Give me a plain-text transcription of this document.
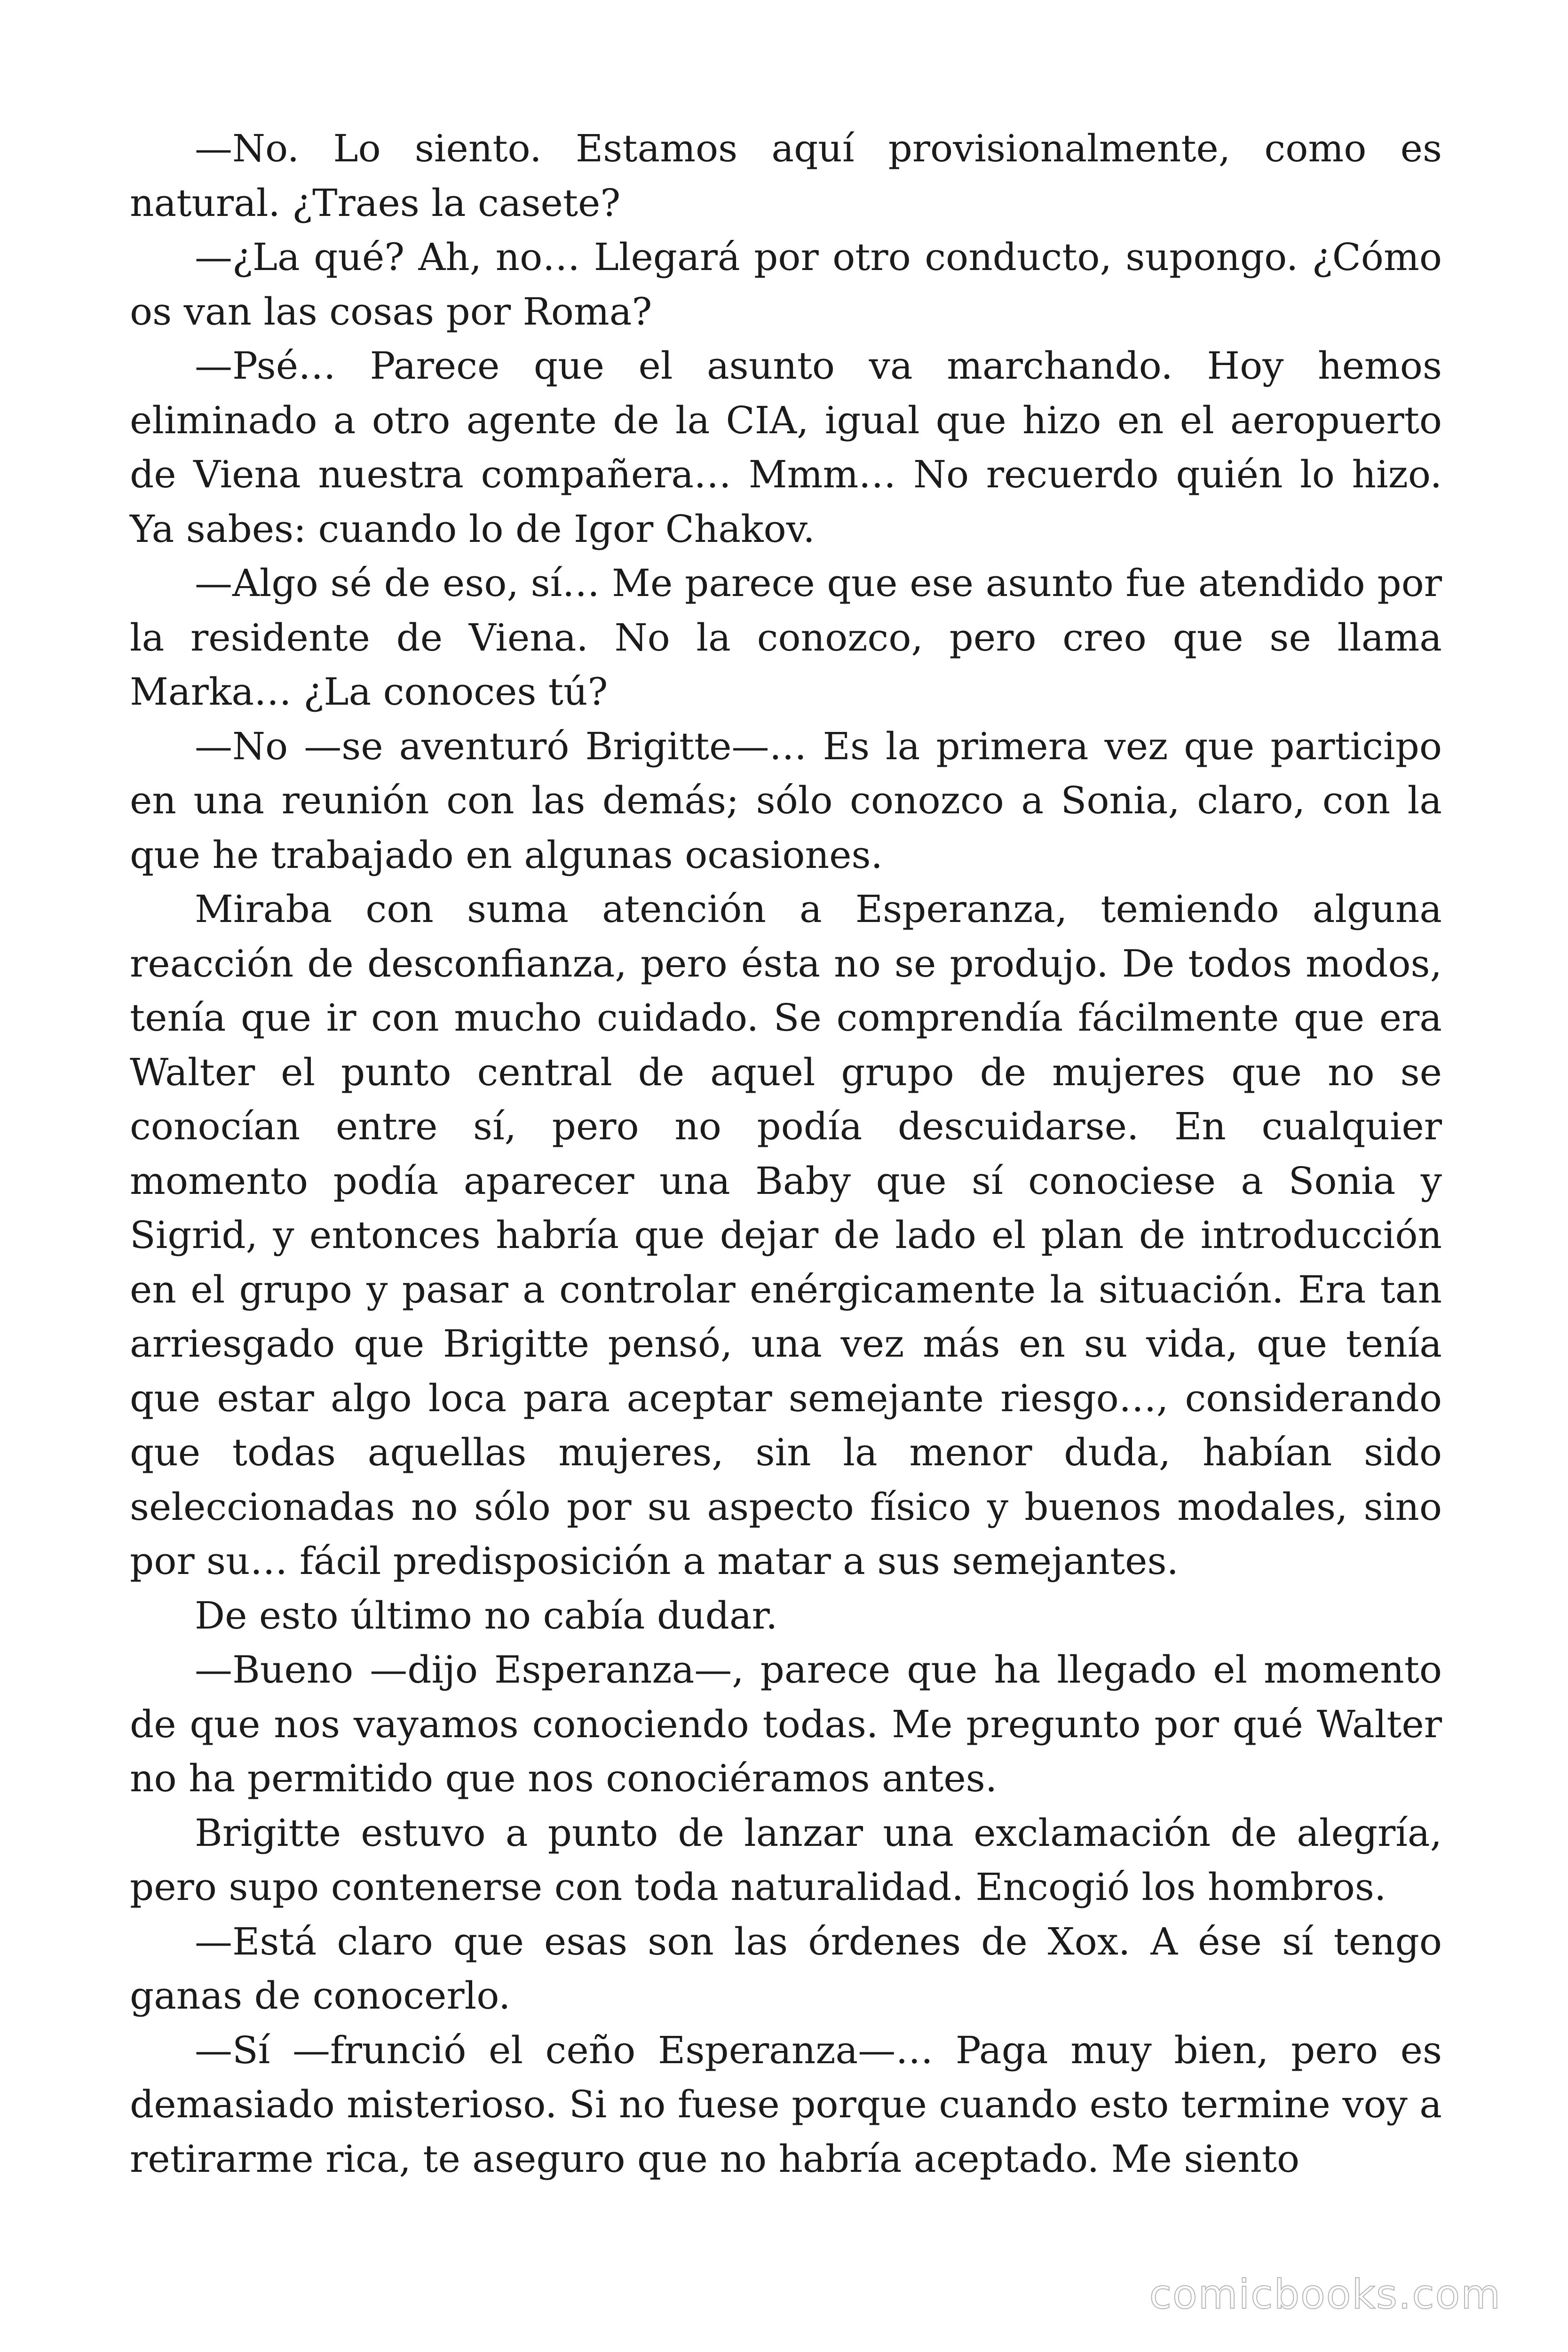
—No. Lo siento. Estamos aquí provisionalmente, como es natural. ¿Traes la casete?

—¿La qué? Ah, no… Llegará por otro conducto, supongo. ¿Cómo os van las cosas por Roma?

—Psé… Parece que el asunto va marchando. Hoy hemos eliminado a otro agente de la CIA, igual que hizo en el aeropuerto de Viena nuestra compañera… Mmm… No recuerdo quién lo hizo. Ya sabes: cuando lo de Igor Chakov.

—Algo sé de eso, sí… Me parece que ese asunto fue atendido por la residente de Viena. No la conozco, pero creo que se llama Marka… ¿La conoces tú?

—No —se aventuró Brigitte—… Es la primera vez que participo en una reunión con las demás; sólo conozco a Sonia, claro, con la que he trabajado en algunas ocasiones.

Miraba con suma atención a Esperanza, temiendo alguna reacción de desconfianza, pero ésta no se produjo. De todos modos, tenía que ir con mucho cuidado. Se comprendía fácilmente que era Walter el punto central de aquel grupo de mujeres que no se conocían entre sí, pero no podía descuidarse. En cualquier momento podía aparecer una Baby que sí conociese a Sonia y Sigrid, y entonces habría que dejar de lado el plan de introducción en el grupo y pasar a controlar enérgicamente la situación. Era tan arriesgado que Brigitte pensó, una vez más en su vida, que tenía que estar algo loca para aceptar semejante riesgo…, considerando que todas aquellas mujeres, sin la menor duda, habían sido seleccionadas no sólo por su aspecto físico y buenos modales, sino por su… fácil predisposición a matar a sus semejantes.

De esto último no cabía dudar.

—Bueno —dijo Esperanza—, parece que ha llegado el momento de que nos vayamos conociendo todas. Me pregunto por qué Walter no ha permitido que nos conociéramos antes.

Brigitte estuvo a punto de lanzar una exclamación de alegría, pero supo contenerse con toda naturalidad. Encogió los hombros.

—Está claro que esas son las órdenes de Xox. A ése sí tengo ganas de conocerlo.

—Sí —frunció el ceño Esperanza—… Paga muy bien, pero es demasiado misterioso. Si no fuese porque cuando esto termine voy a retirarme rica, te aseguro que no habría aceptado. Me siento

comicbooks.com
